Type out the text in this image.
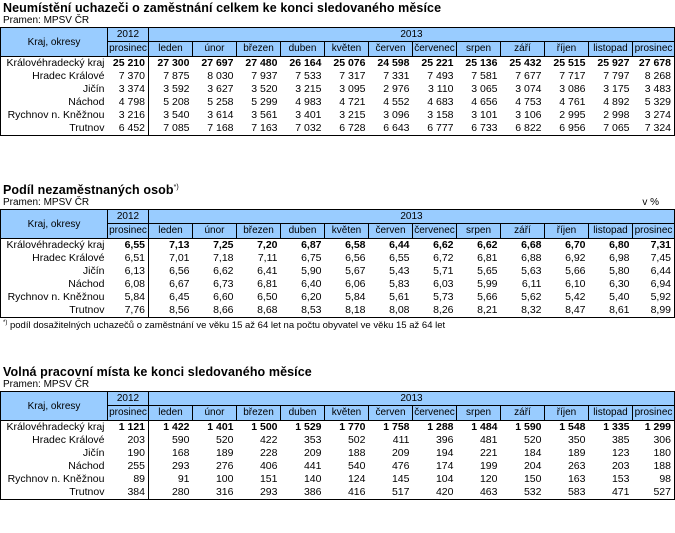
Neumístění uchazeči o zaměstnání celkem ke konci sledovaného měsíce
Pramen: MPSV ČR
Kraj, okresy	2012	2013											
	prosinec	leden	únor	březen	duben	květen	červen	červenec	srpen	září	říjen	listopad	prosinec
Královéhradecký kraj	25 210	27 300	27 697	27 480	26 164	25 076	24 598	25 221	25 136	25 432	25 515	25 927	27 678
Hradec Králové	7 370	7 875	8 030	7 937	7 533	7 317	7 331	7 493	7 581	7 677	7 717	7 797	8 268
Jičín	3 374	3 592	3 627	3 520	3 215	3 095	2 976	3 110	3 065	3 074	3 086	3 175	3 483
Náchod	4 798	5 208	5 258	5 299	4 983	4 721	4 552	4 683	4 656	4 753	4 761	4 892	5 329
Rychnov n. Kněžnou	3 216	3 540	3 614	3 561	3 401	3 215	3 096	3 158	3 101	3 106	2 995	2 998	3 274
Trutnov	6 452	7 085	7 168	7 163	7 032	6 728	6 643	6 777	6 733	6 822	6 956	7 065	7 324
Podíl nezaměstnaných osob*)
Pramen: MPSV ČR	v %
Kraj, okresy	2012	2013											
	prosinec	leden	únor	březen	duben	květen	červen	červenec	srpen	září	říjen	listopad	prosinec
Královéhradecký kraj	6,55	7,13	7,25	7,20	6,87	6,58	6,44	6,62	6,62	6,68	6,70	6,80	7,31
Hradec Králové	6,51	7,01	7,18	7,11	6,75	6,56	6,55	6,72	6,81	6,88	6,92	6,98	7,45
Jičín	6,13	6,56	6,62	6,41	5,90	5,67	5,43	5,71	5,65	5,63	5,66	5,80	6,44
Náchod	6,08	6,67	6,73	6,81	6,40	6,06	5,83	6,03	5,99	6,11	6,10	6,30	6,94
Rychnov n. Kněžnou	5,84	6,45	6,60	6,50	6,20	5,84	5,61	5,73	5,66	5,62	5,42	5,40	5,92
Trutnov	7,76	8,56	8,66	8,68	8,53	8,18	8,08	8,26	8,21	8,32	8,47	8,61	8,99
*) podíl dosažitelných uchazečů o zaměstnání ve věku 15 až 64 let na počtu obyvatel ve věku 15 až 64 let
Volná pracovní místa ke konci sledovaného měsíce
Pramen: MPSV ČR
Kraj, okresy	2012	2013											
	prosinec	leden	únor	březen	duben	květen	červen	červenec	srpen	září	říjen	listopad	prosinec
Královéhradecký kraj	1 121	1 422	1 401	1 500	1 529	1 770	1 758	1 288	1 484	1 590	1 548	1 335	1 299
Hradec Králové	203	590	520	422	353	502	411	396	481	520	350	385	306
Jičín	190	168	189	228	209	188	209	194	221	184	189	123	180
Náchod	255	293	276	406	441	540	476	174	199	204	263	203	188
Rychnov n. Kněžnou	89	91	100	151	140	124	145	104	120	150	163	153	98
Trutnov	384	280	316	293	386	416	517	420	463	532	583	471	527
